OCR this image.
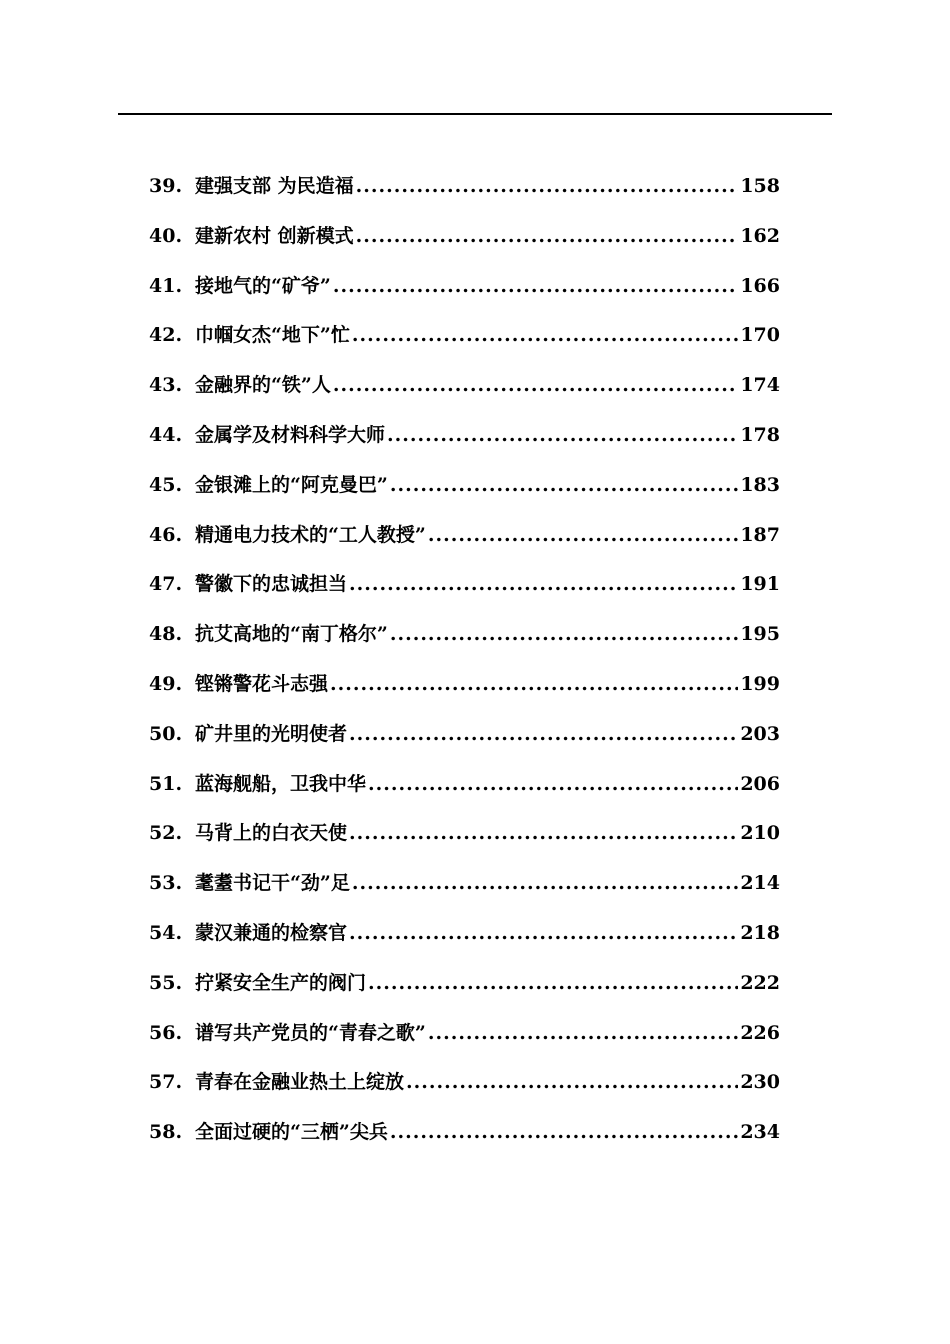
39. 建强支部 为民造福 .....	158
40. 建新农村 创新模式 .....	162
41. 接地气的“矿爷” .....	166
42. 巾帼女杰“地下”忙 .....	170
43. 金融界的“铁”人 .....	174
44. 金属学及材料科学大师 .....	178
45. 金银滩上的“阿克曼巴” .....	183
46. 精通电力技术的“工人教授” .....	187
47. 警徽下的忠诚担当 .....	191
48. 抗艾高地的“南丁格尔” .....	195
49. 铿锵警花斗志强 .....	199
50. 矿井里的光明使者 .....	203
51. 蓝海舰船，卫我中华 .....	206
52. 马背上的白衣天使 .....	210
53. 耄耋书记干“劲”足 .....	214
54. 蒙汉兼通的检察官 .....	218
55. 拧紧安全生产的阀门 .....	222
56. 谱写共产党员的“青春之歌” .....	226
57. 青春在金融业热土上绽放 .....	230
58. 全面过硬的“三栖”尖兵 .....	234
